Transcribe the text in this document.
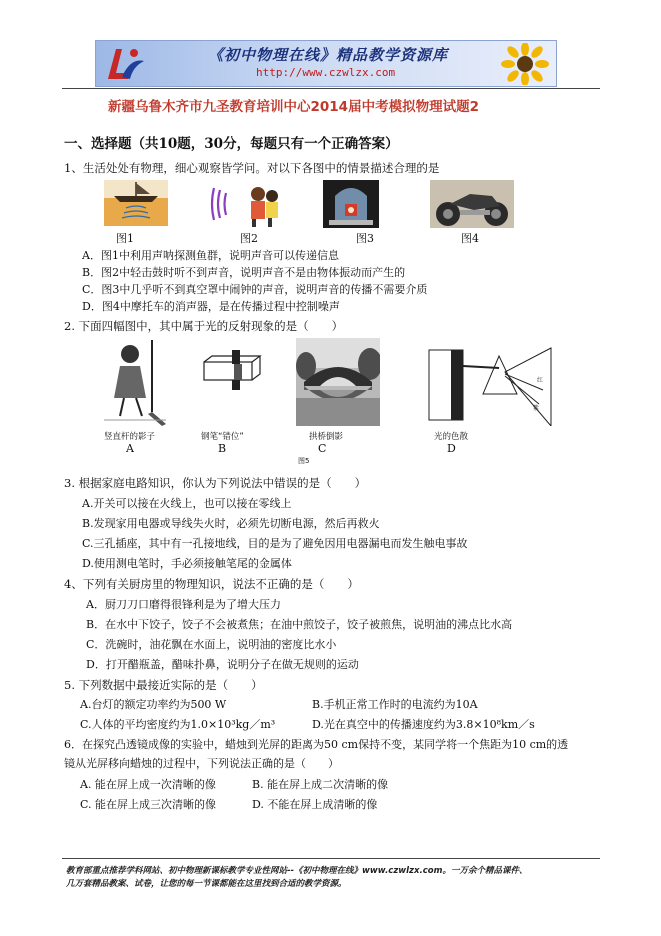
《初中物理在线》精品教学资源库
http://www.czwlzx.com
新疆乌鲁木齐市九圣教育培训中心2014届中考模拟物理试题2
一、选择题（共10题，30分，每题只有一个正确答案）
1、生活处处有物理，细心观察皆学问。对以下各图中的情景描述合理的是
图1	图2	图3	图4
A．图1中利用声呐探测鱼群，说明声音可以传递信息
B．图2中轻击鼓时听不到声音，说明声音不是由物体振动而产生的
C．图3中几乎听不到真空罩中闹钟的声音，说明声音的传播不需要介质
D．图4中摩托车的消声器，是在传播过程中控制噪声
2. 下面四幅图中，其中属于光的反射现象的是（　　）
红
紫
竖直杆的影子	钢笔“错位”	拱桥倒影	光的色散
A	B	C	D
图5
3. 根据家庭电路知识，你认为下列说法中错误的是（　　）
A.开关可以接在火线上，也可以接在零线上
B.发现家用电器或导线失火时，必须先切断电源，然后再救火
C.三孔插座，其中有一孔接地线，目的是为了避免因用电器漏电而发生触电事故
D.使用测电笔时，手必须接触笔尾的金属体
4、下列有关厨房里的物理知识，说法不正确的是（　　）
A．厨刀刀口磨得很锋利是为了增大压力
B．在水中下饺子，饺子不会被煮焦；在油中煎饺子，饺子被煎焦，说明油的沸点比水高
C．洗碗时，油花飘在水面上，说明油的密度比水小
D．打开醋瓶盖，醋味扑鼻，说明分子在做无规则的运动
5. 下列数据中最接近实际的是（　　）
A.台灯的额定功率约为500 W	B.手机正常工作时的电流约为10A
C.人体的平均密度约为1.0×10³kg／m³	D.光在真空中的传播速度约为3.8×10⁸km／s
6．在探究凸透镜成像的实验中，蜡烛到光屏的距离为50 cm保持不变，某同学将一个焦距为10 cm的透
镜从光屏移向蜡烛的过程中，下列说法正确的是（　　）
A. 能在屏上成一次清晰的像	B. 能在屏上成二次清晰的像
C. 能在屏上成三次清晰的像	D. 不能在屏上成清晰的像
教育部重点推荐学科网站、初中物理新课标教学专业性网站--《初中物理在线》www.czwlzx.com。一万余个精品课件、
几万套精品教案、试卷，让您的每一节课都能在这里找到合适的教学资源。
